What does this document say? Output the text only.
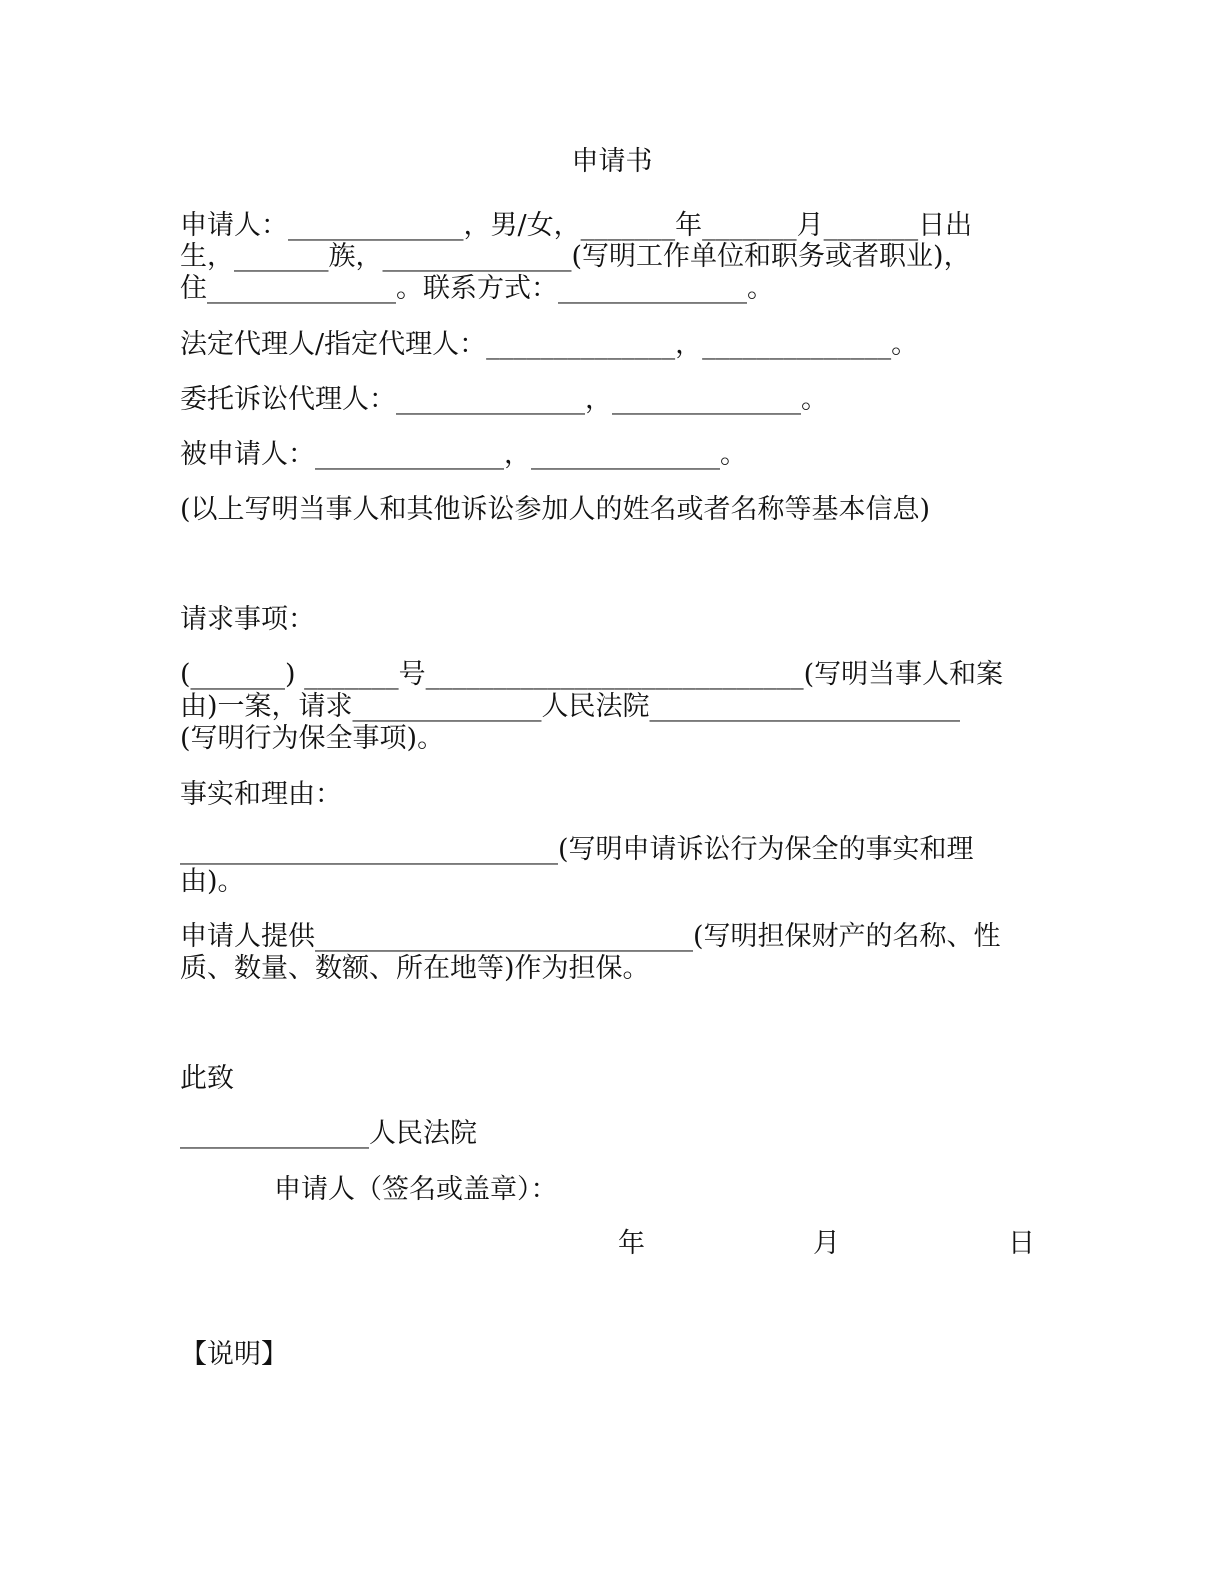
申请书
申请人：_____________，男/女，_______年_______月_______日出
生，_______族，______________(写明工作单位和职务或者职业)，
住______________。联系方式：______________。
法定代理人/指定代理人：______________，______________。
委托诉讼代理人：______________，______________。
被申请人：______________，______________。
(以上写明当事人和其他诉讼参加人的姓名或者名称等基本信息)
请求事项：
(_______) _______号____________________________(写明当事人和案
由)一案，请求______________人民法院_______________________
(写明行为保全事项)。
事实和理由：
____________________________(写明申请诉讼行为保全的事实和理
由)。
申请人提供____________________________(写明担保财产的名称、性
质、数量、数额、所在地等)作为担保。
此致
______________人民法院
申请人（签名或盖章）：
年	月	日
【说明】
